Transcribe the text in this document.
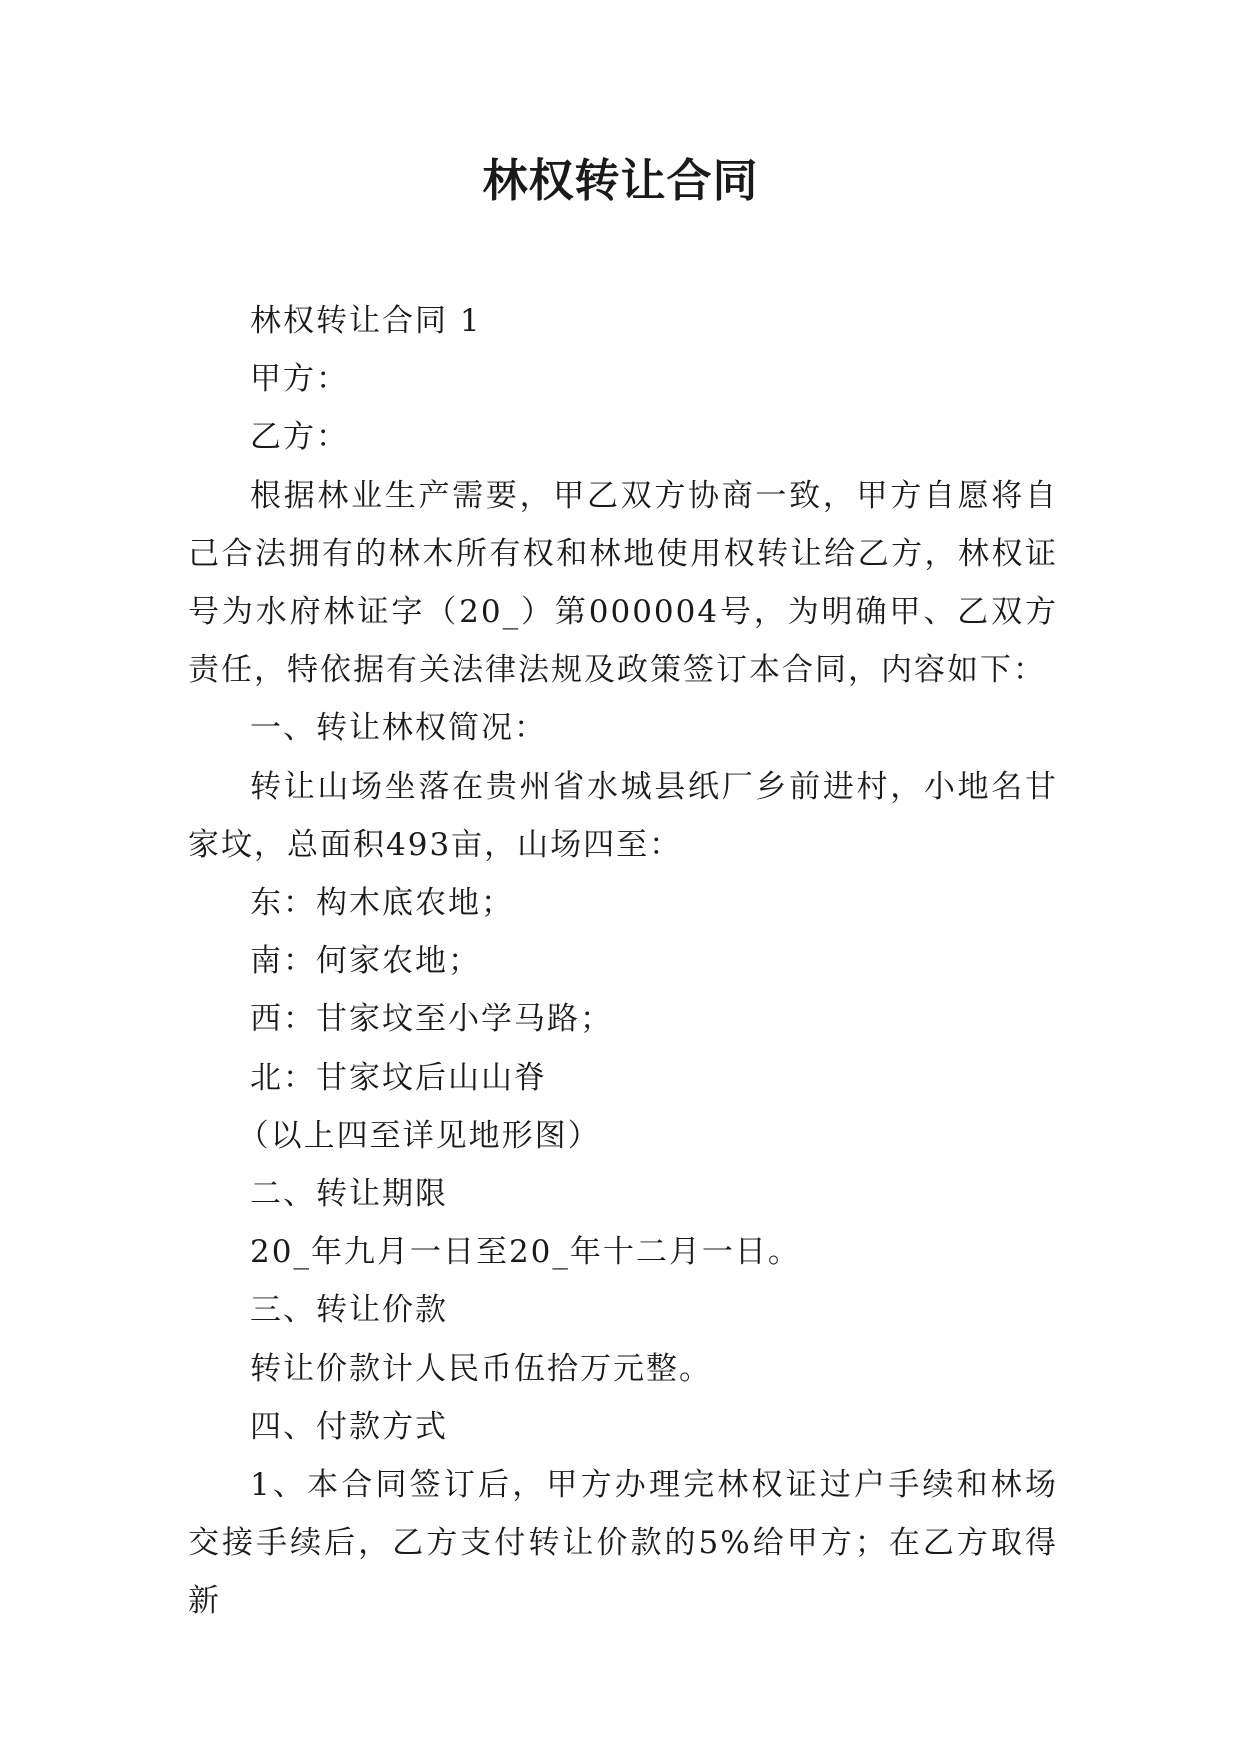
林权转让合同

林权转让合同 1

甲方：

乙方：

根据林业生产需要，甲乙双方协商一致，甲方自愿将自己合法拥有的林木所有权和林地使用权转让给乙方，林权证号为水府林证字（20_）第000004号，为明确甲、乙双方责任，特依据有关法律法规及政策签订本合同，内容如下：

一、转让林权简况：

转让山场坐落在贵州省水城县纸厂乡前进村，小地名甘家坟，总面积493亩，山场四至：

东：构木底农地；

南：何家农地；

西：甘家坟至小学马路；

北：甘家坟后山山脊

（以上四至详见地形图）

二、转让期限

20_年九月一日至20_年十二月一日。

三、转让价款

转让价款计人民币伍拾万元整。

四、付款方式

1、本合同签订后，甲方办理完林权证过户手续和林场交接手续后，乙方支付转让价款的5%给甲方；在乙方取得新
